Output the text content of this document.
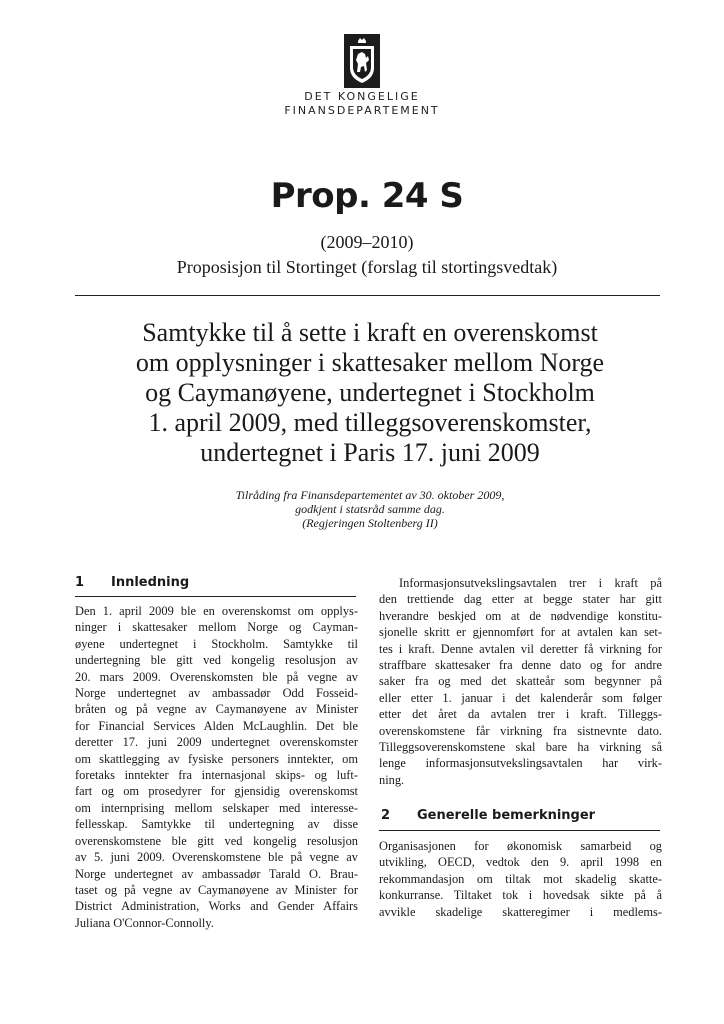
DET KONGELIGE
FINANSDEPARTEMENT
Prop. 24 S
(2009–2010)
Proposisjon til Stortinget (forslag til stortingsvedtak)
Samtykke til å sette i kraft en overenskomst
om opplysninger i skattesaker mellom Norge
og Caymanøyene, undertegnet i Stockholm
1. april 2009, med tilleggsoverenskomster,
undertegnet i Paris 17. juni 2009
Tilråding fra Finansdepartementet av 30. oktober 2009,
godkjent i statsråd samme dag.
(Regjeringen Stoltenberg II)
1 Innledning
Den 1. april 2009 ble en overenskomst om opplys-
ninger i skattesaker mellom Norge og Cayman-
øyene undertegnet i Stockholm. Samtykke til
undertegning ble gitt ved kongelig resolusjon av
20. mars 2009. Overenskomsten ble på vegne av
Norge undertegnet av ambassadør Odd Fosseid-
bråten og på vegne av Caymanøyene av Minister
for Financial Services Alden McLaughlin. Det ble
deretter 17. juni 2009 undertegnet overenskomster
om skattlegging av fysiske personers inntekter, om
foretaks inntekter fra internasjonal skips- og luft-
fart og om prosedyrer for gjensidig overenskomst
om internprising mellom selskaper med interesse-
fellesskap. Samtykke til undertegning av disse
overenskomstene ble gitt ved kongelig resolusjon
av 5. juni 2009. Overenskomstene ble på vegne av
Norge undertegnet av ambassadør Tarald O. Brau-
taset og på vegne av Caymanøyene av Minister for
District Administration, Works and Gender Affairs
Juliana O'Connor-Connolly.
Informasjonsutvekslingsavtalen trer i kraft på
den trettiende dag etter at begge stater har gitt
hverandre beskjed om at de nødvendige konstitu-
sjonelle skritt er gjennomført for at avtalen kan set-
tes i kraft. Denne avtalen vil deretter få virkning for
straffbare skattesaker fra denne dato og for andre
saker fra og med det skatteår som begynner på
eller etter 1. januar i det kalenderår som følger
etter det året da avtalen trer i kraft. Tilleggs-
overenskomstene får virkning fra sistnevnte dato.
Tilleggsoverenskomstene skal bare ha virkning så
lenge informasjonsutvekslingsavtalen har virk-
ning.
2 Generelle bemerkninger
Organisasjonen for økonomisk samarbeid og
utvikling, OECD, vedtok den 9. april 1998 en
rekommandasjon om tiltak mot skadelig skatte-
konkurranse. Tiltaket tok i hovedsak sikte på å
avvikle skadelige skatteregimer i medlems-
